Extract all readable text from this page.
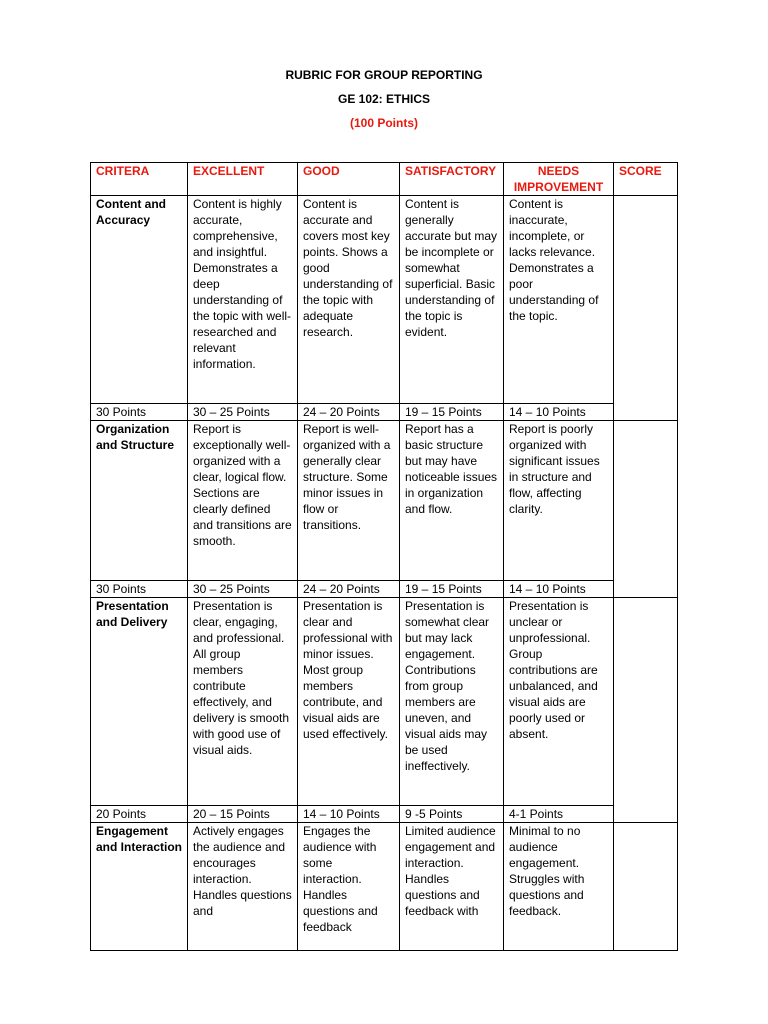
RUBRIC FOR GROUP REPORTING
GE 102: ETHICS
(100 Points)
CRITERA	EXCELLENT	GOOD	SATISFACTORY	NEEDS IMPROVEMENT	SCORE
Content and Accuracy	Content is highly accurate, comprehensive, and insightful. Demonstrates a deep understanding of the topic with well-researched and relevant information.	Content is accurate and covers most key points. Shows a good understanding of the topic with adequate research.	Content is generally accurate but may be incomplete or somewhat superficial. Basic understanding of the topic is evident.	Content is inaccurate, incomplete, or lacks relevance. Demonstrates a poor understanding of the topic.	
30 Points	30 – 25 Points	24 – 20 Points	19 – 15 Points	14 – 10 Points	
Organization and Structure	Report is exceptionally well-organized with a clear, logical flow. Sections are clearly defined and transitions are smooth.	Report is well-organized with a generally clear structure. Some minor issues in flow or transitions.	Report has a basic structure but may have noticeable issues in organization and flow.	Report is poorly organized with significant issues in structure and flow, affecting clarity.	
30 Points	30 – 25 Points	24 – 20 Points	19 – 15 Points	14 – 10 Points	
Presentation and Delivery	Presentation is clear, engaging, and professional. All group members contribute effectively, and delivery is smooth with good use of visual aids.	Presentation is clear and professional with minor issues. Most group members contribute, and visual aids are used effectively.	Presentation is somewhat clear but may lack engagement. Contributions from group members are uneven, and visual aids may be used ineffectively.	Presentation is unclear or unprofessional. Group contributions are unbalanced, and visual aids are poorly used or absent.	
20 Points	20 – 15 Points	14 – 10 Points	9 -5 Points	4-1 Points	
Engagement and Interaction	Actively engages the audience and encourages interaction. Handles questions and	Engages the audience with some interaction. Handles questions and feedback	Limited audience engagement and interaction. Handles questions and feedback with	Minimal to no audience engagement. Struggles with questions and feedback.	
